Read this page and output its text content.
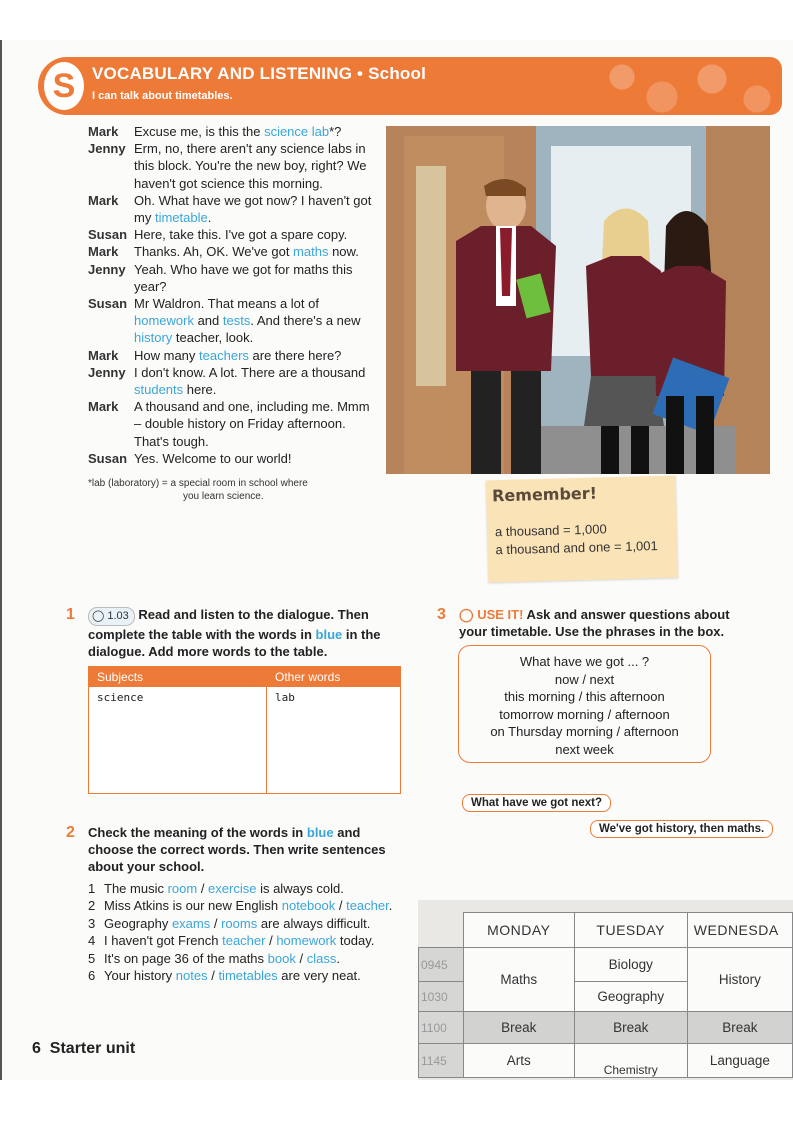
S VOCABULARY AND LISTENING • School
I can talk about timetables.
Mark	Excuse me, is this the science lab*?
Jenny Erm, no, there aren't any science labs in this block. You're the new boy, right? We haven't got science this morning.
Mark	Oh. What have we got now? I haven't got my timetable.
Susan Here, take this. I've got a spare copy.
Mark	Thanks. Ah, OK. We've got maths now.
Jenny Yeah. Who have we got for maths this year?
Susan Mr Waldron. That means a lot of homework and tests. And there's a new history teacher, look.
Mark	How many teachers are there here?
Jenny I don't know. A lot. There are a thousand students here.
Mark	A thousand and one, including me. Mmm – double history on Friday afternoon. That's tough.
Susan Yes. Welcome to our world!
*lab (laboratory) = a special room in school where
you learn science.	Remember!
a thousand = 1,000
a thousand and one = 1,001
1 ◯ 1.03 Read and listen to the dialogue. Then complete the table with the words in blue in the dialogue. Add more words to the table.
Subjects	Other words
science	lab
2 Check the meaning of the words in blue and choose the correct words. Then write sentences about your school.
1 The music room / exercise is always cold.
2 Miss Atkins is our new English notebook / teacher.
3 Geography exams / rooms are always difficult.
4 I haven't got French teacher / homework today.
5 It's on page 36 of the maths book / class.
6 Your history notes / timetables are very neat.
3 ◯ USE IT! Ask and answer questions about your timetable. Use the phrases in the box.
What have we got ... ?
now / next
this morning / this afternoon
tomorrow morning / afternoon
on Thursday morning / afternoon
next week
What have we got next?
We've got history, then maths.
	MONDAY	TUESDAY	WEDNESDA
0945	Maths	Biology	History
1030		Geography	
1100	Break	Break	Break
1145	Arts	Chemistry	Language
6 Starter unit
